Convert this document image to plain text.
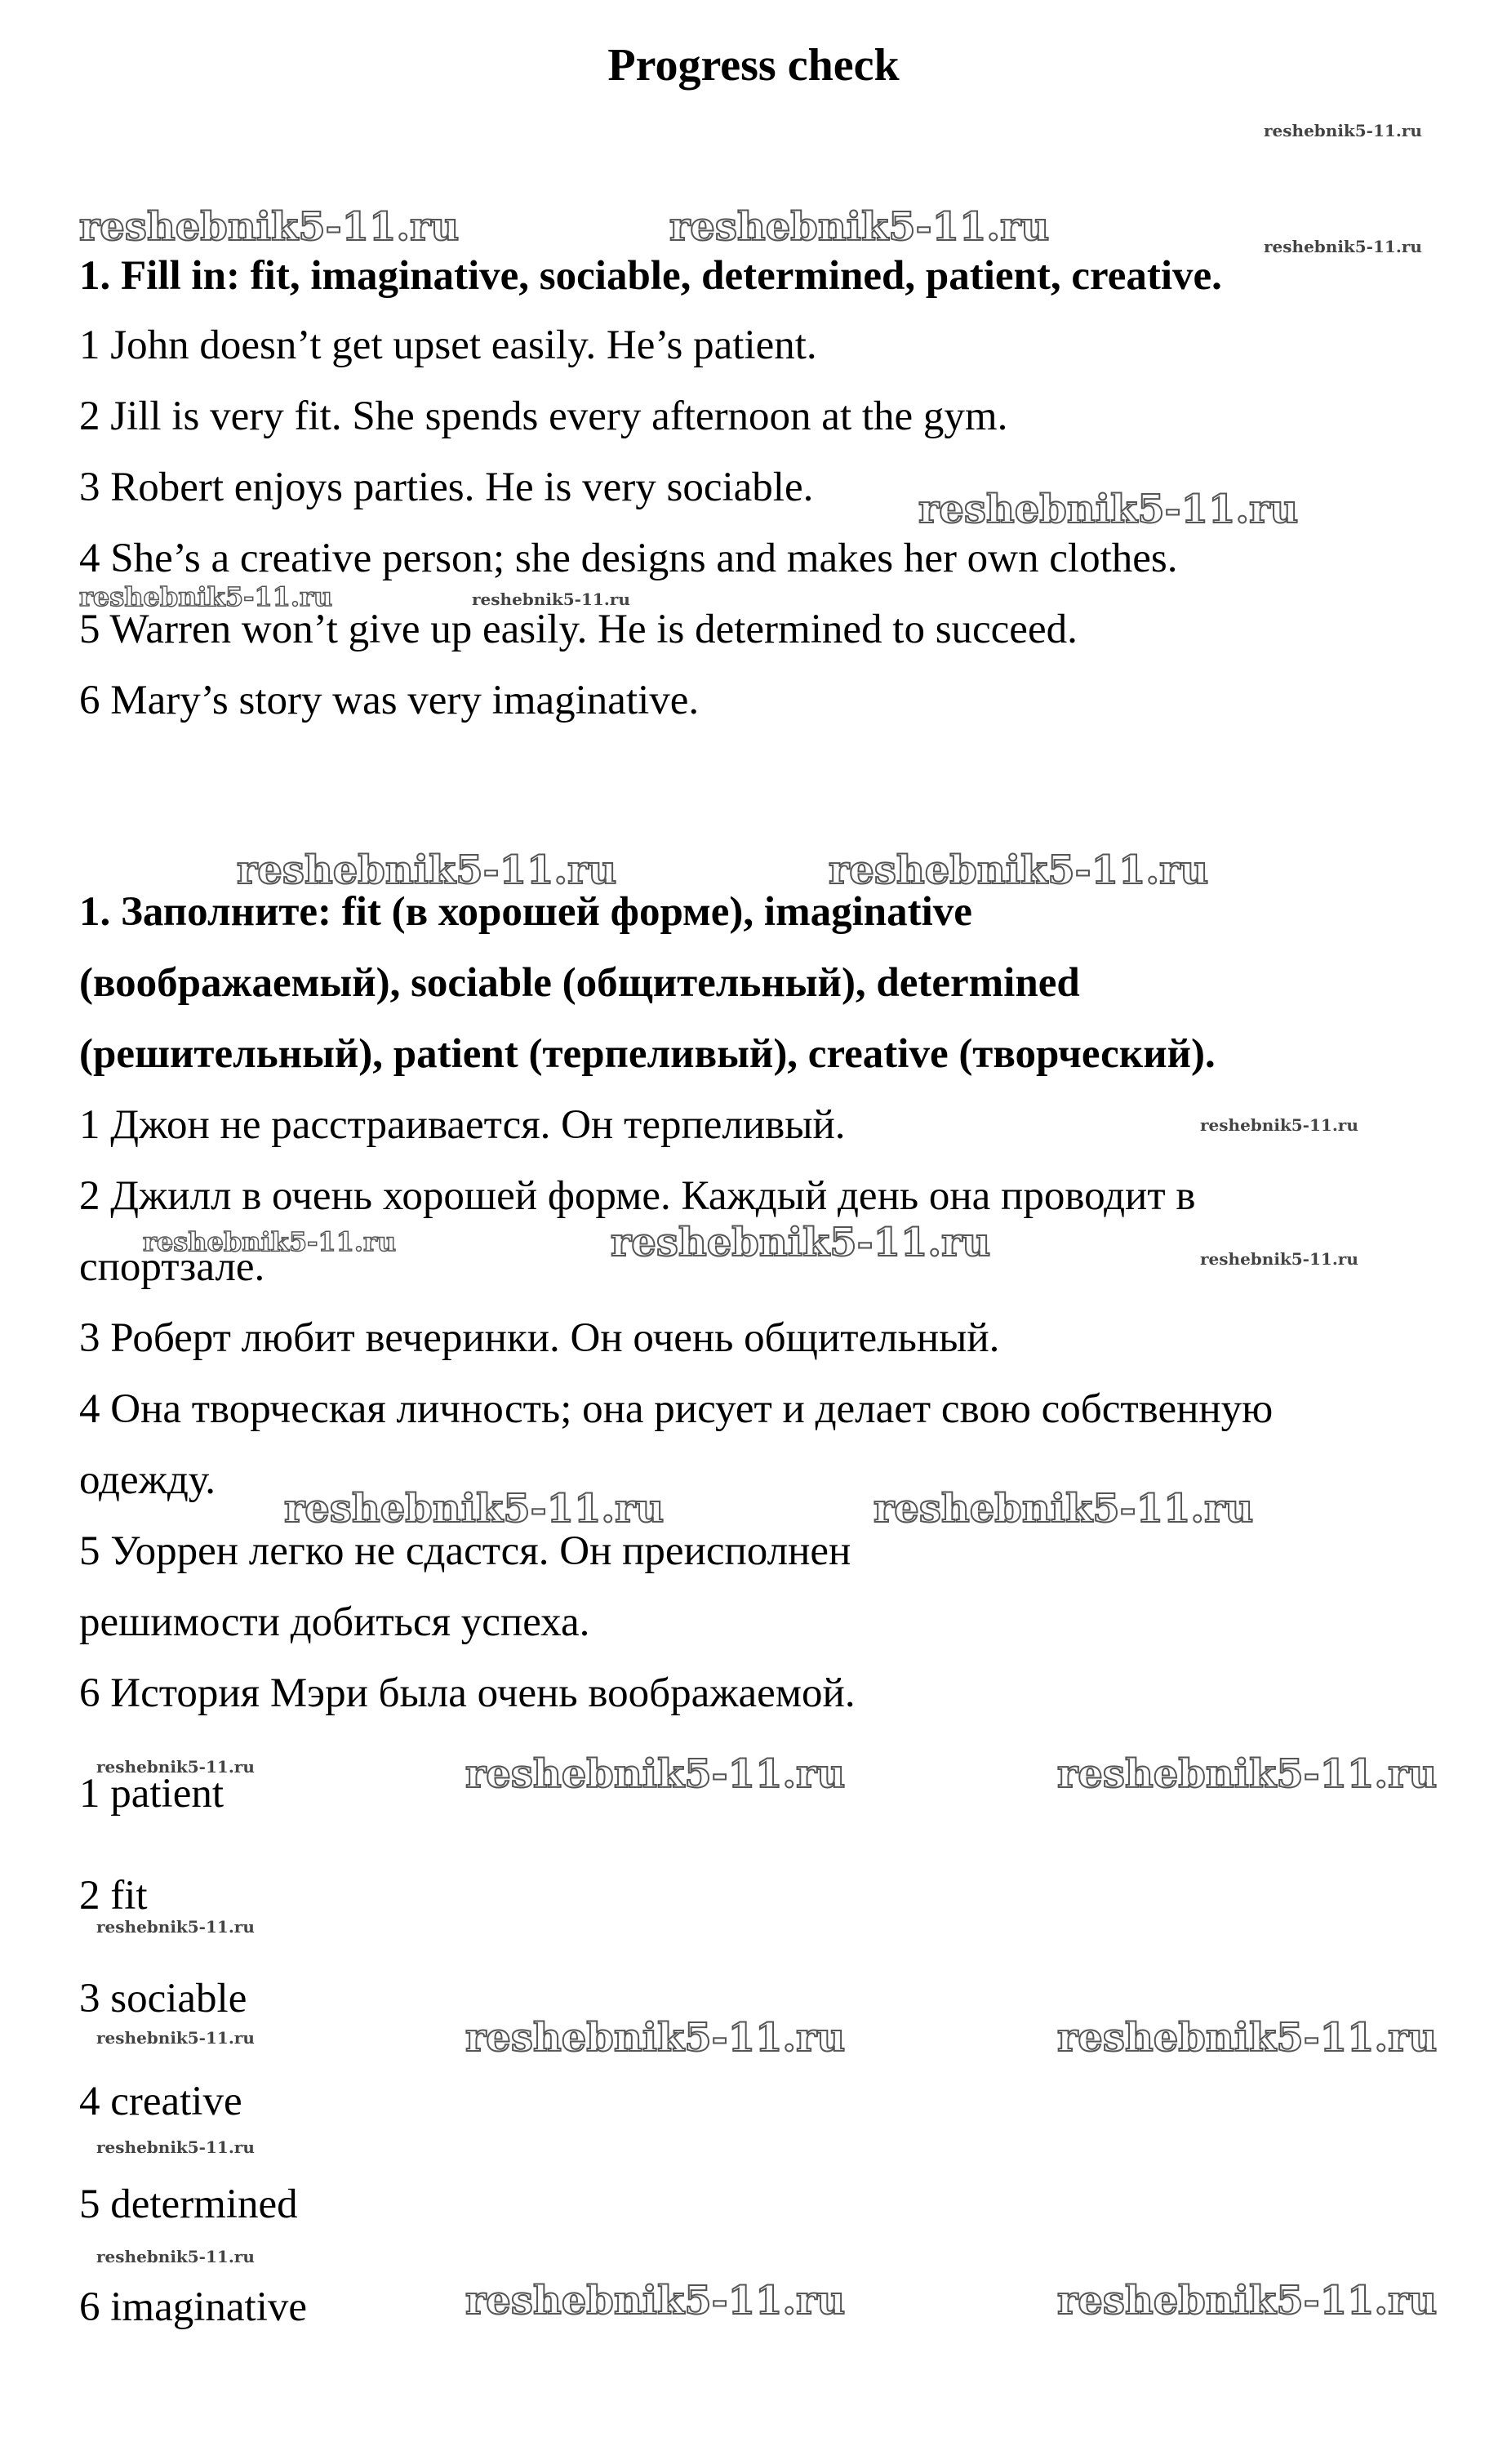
Progress check
reshebnik5-11.ru
reshebnik5-11.ru	reshebnik5-11.ru	reshebnik5-11.ru
reshebnik5-11.ru
reshebnik5-11.ru	reshebnik5-11.ru
reshebnik5-11.ru	reshebnik5-11.ru
reshebnik5-11.ru
reshebnik5-11.ru	reshebnik5-11.ru	reshebnik5-11.ru
reshebnik5-11.ru	reshebnik5-11.ru
reshebnik5-11.ru	reshebnik5-11.ru	reshebnik5-11.ru
reshebnik5-11.ru
reshebnik5-11.ru	reshebnik5-11.ru	reshebnik5-11.ru
reshebnik5-11.ru
reshebnik5-11.ru
reshebnik5-11.ru	reshebnik5-11.ru

1. Fill in: fit, imaginative, sociable, determined, patient, creative.

1 John doesn’t get upset easily. He’s patient.

2 Jill is very fit. She spends every afternoon at the gym.

3 Robert enjoys parties. He is very sociable.

4 She’s a creative person; she designs and makes her own clothes.

5 Warren won’t give up easily. He is determined to succeed.

6 Mary’s story was very imaginative.

1. Заполните: fit (в хорошей форме), imaginative

(воображаемый), sociable (общительный), determined

(решительный), patient (терпеливый), creative (творческий).

1 Джон не расстраивается. Он терпеливый.

2 Джилл в очень хорошей форме. Каждый день она проводит в

спортзале.

3 Роберт любит вечеринки. Он очень общительный.

4 Она творческая личность; она рисует и делает свою собственную

одежду.

5 Уоррен легко не сдастся. Он преисполнен

решимости добиться успеха.

6 История Мэри была очень воображаемой.

1 patient

2 fit

3 sociable

4 creative

5 determined

6 imaginative
